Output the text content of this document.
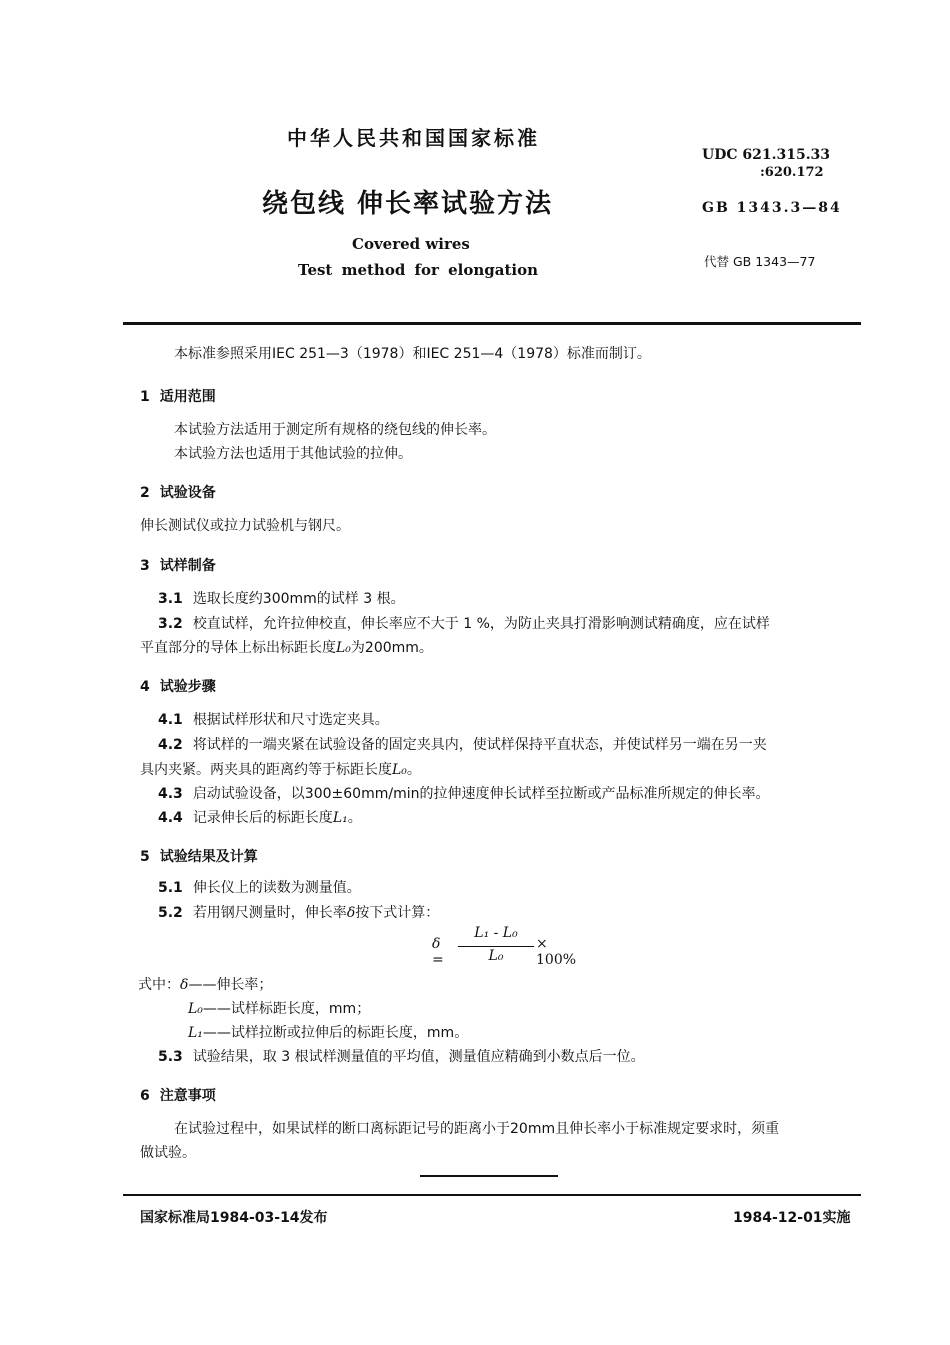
中华人民共和国国家标准
绕包线 伸长率试验方法
Covered wires
Test method for elongation
UDC 621.315.33
:620.172
GB 1343.3—84
代替 GB 1343—77
本标准参照采用IEC 251—3（1978）和IEC 251—4（1978）标准而制订。
1 适用范围
本试验方法适用于测定所有规格的绕包线的伸长率。
本试验方法也适用于其他试验的拉伸。
2 试验设备
伸长测试仪或拉力试验机与钢尺。
3 试样制备
3.1 选取长度约300mm的试样 3 根。
3.2 校直试样，允许拉伸校直，伸长率应不大于 1 %，为防止夹具打滑影响测试精确度，应在试样
平直部分的导体上标出标距长度L₀为200mm。
4 试验步骤
4.1 根据试样形状和尺寸选定夹具。
4.2 将试样的一端夹紧在试验设备的固定夹具内，使试样保持平直状态，并使试样另一端在另一夹
具内夹紧。两夹具的距离约等于标距长度L₀。
4.3 启动试验设备，以300±60mm/min的拉伸速度伸长试样至拉断或产品标准所规定的伸长率。
4.4 记录伸长后的标距长度L₁。
5 试验结果及计算
5.1 伸长仪上的读数为测量值。
5.2 若用钢尺测量时，伸长率δ按下式计算：
δ =
L₁ - L₀
L₀
× 100%
式中：δ——伸长率；
L₀——试样标距长度，mm；
L₁——试样拉断或拉伸后的标距长度，mm。
5.3 试验结果，取 3 根试样测量值的平均值，测量值应精确到小数点后一位。
6 注意事项
在试验过程中，如果试样的断口离标距记号的距离小于20mm且伸长率小于标准规定要求时，须重
做试验。
国家标准局1984-03-14发布	1984-12-01实施
